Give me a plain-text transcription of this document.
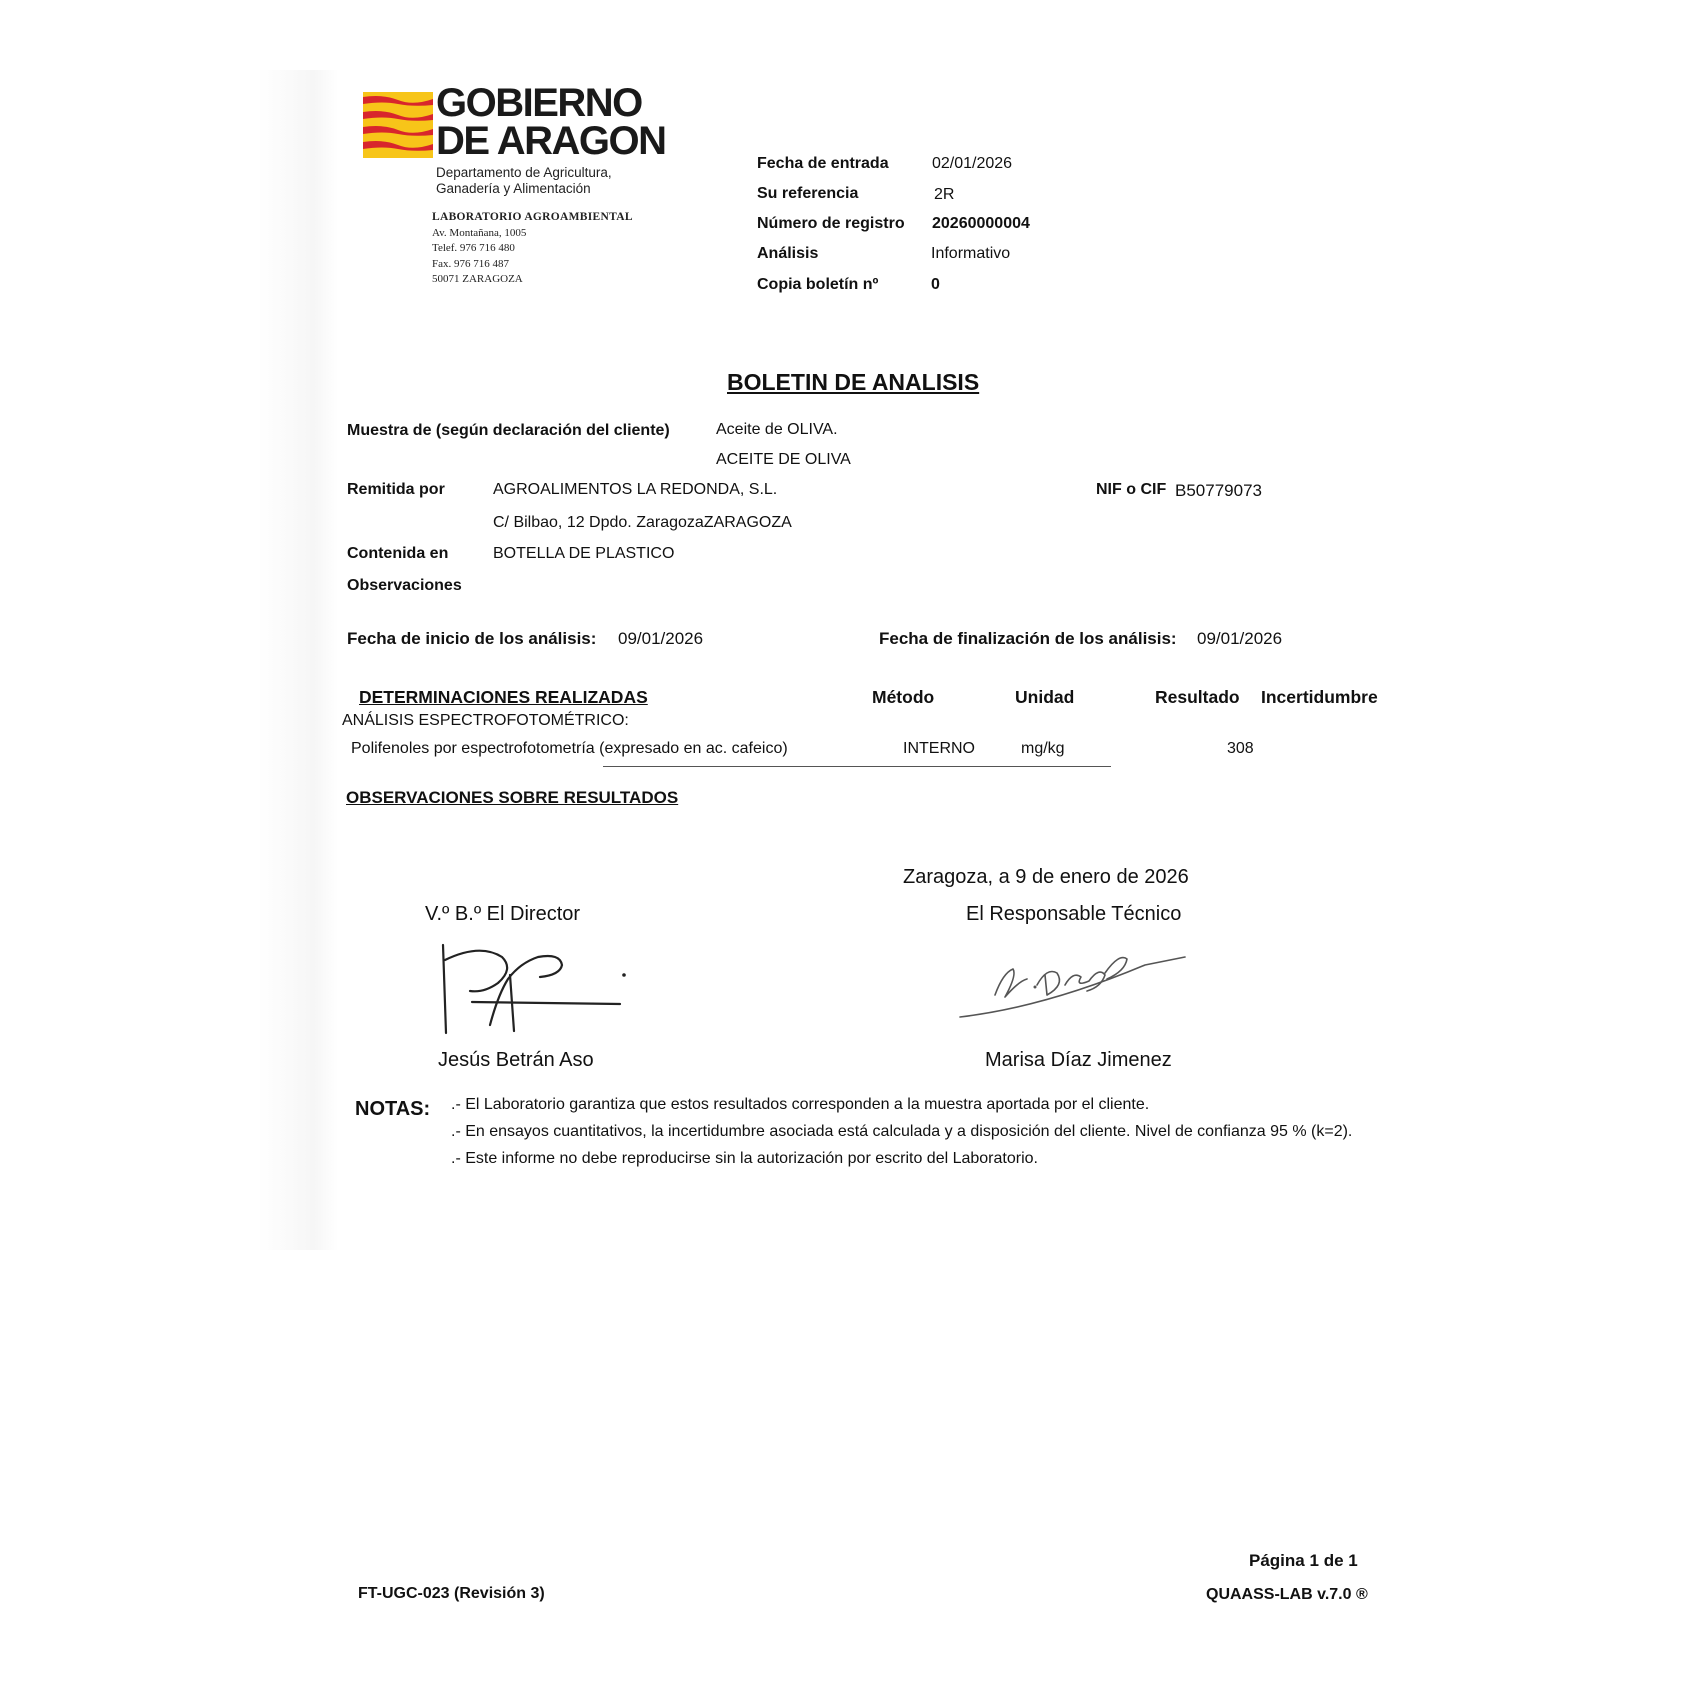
GOBIERNO
DE ARAGON
Departamento de Agricultura,
Ganadería y Alimentación
LABORATORIO AGROAMBIENTAL
Av. Montañana, 1005
Telef. 976 716 480
Fax. 976 716 487
50071 ZARAGOZA
Fecha de entrada	02/01/2026
Su referencia	2R
Número de registro 20260000004
Análisis	Informativo
Copia boletín nº	0
BOLETIN DE ANALISIS
Muestra de (según declaración del cliente)	Aceite de OLIVA.
ACEITE DE OLIVA
Remitida por	AGROALIMENTOS LA REDONDA, S.L.	NIF o CIF B50779073
C/ Bilbao, 12 Dpdo. ZaragozaZARAGOZA
Contenida en	BOTELLA DE PLASTICO
Observaciones
Fecha de inicio de los análisis: 09/01/2026	Fecha de finalización de los análisis: 09/01/2026
DETERMINACIONES REALIZADAS	Método	Unidad	Resultado Incertidumbre
ANÁLISIS ESPECTROFOTOMÉTRICO:
Polifenoles por espectrofotometría (expresado en ac. cafeico)	INTERNO	mg/kg	308
OBSERVACIONES SOBRE RESULTADOS
Zaragoza, a 9 de enero de 2026
V.º B.º El Director	El Responsable Técnico
Jesús Betrán Aso	Marisa Díaz Jimenez
NOTAS: .- El Laboratorio garantiza que estos resultados corresponden a la muestra aportada por el cliente.
.- En ensayos cuantitativos, la incertidumbre asociada está calculada y a disposición del cliente. Nivel de confianza 95 % (k=2).
.- Este informe no debe reproducirse sin la autorización por escrito del Laboratorio.
Página 1 de 1
FT-UGC-023 (Revisión 3)	QUAASS-LAB v.7.0 ®
